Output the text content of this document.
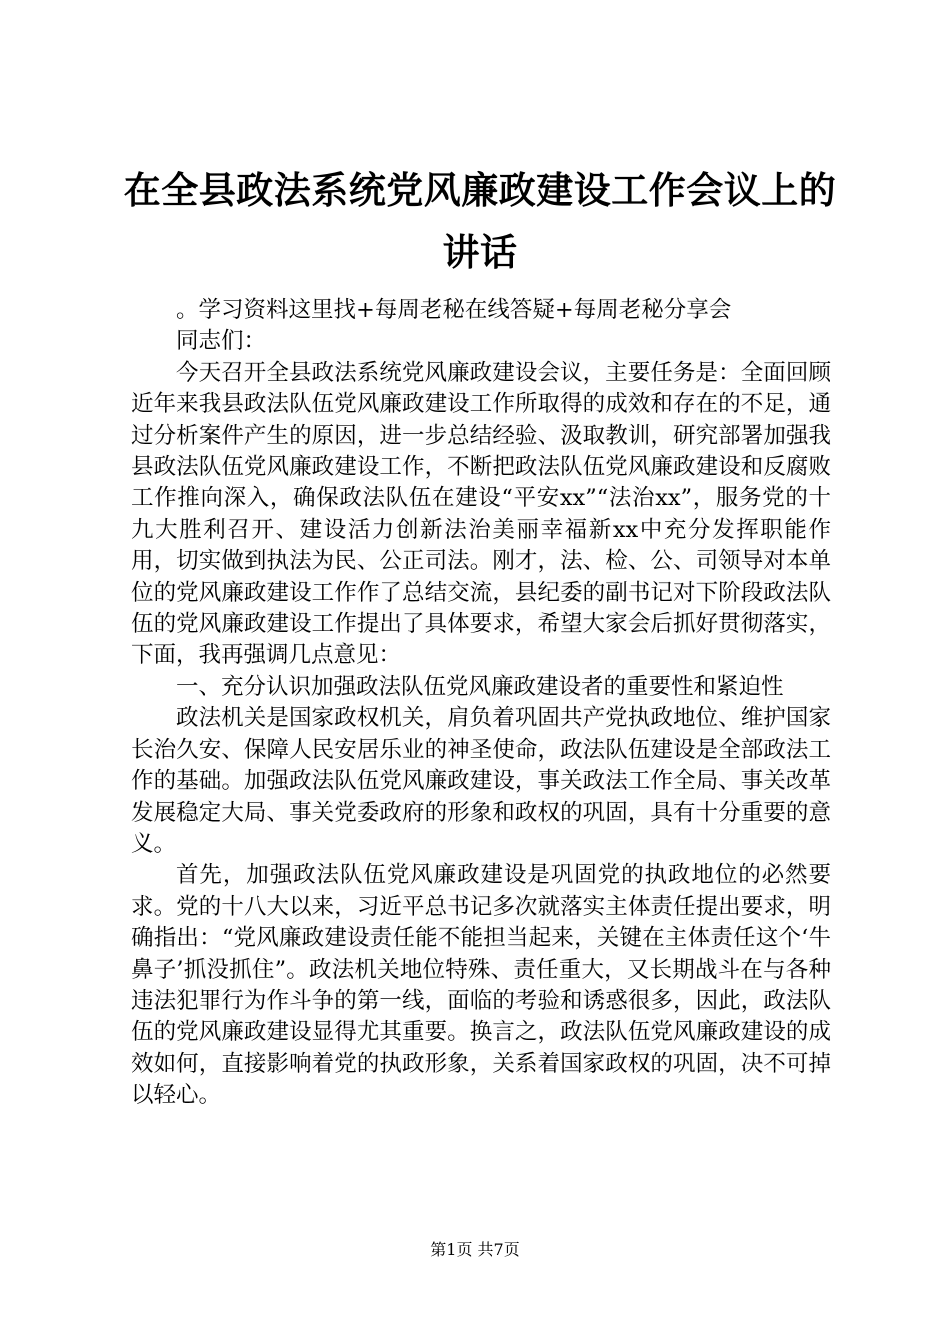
在全县政法系统党风廉政建设工作会议上的讲话

。学习资料这里找+每周老秘在线答疑+每周老秘分享会

同志们：

今天召开全县政法系统党风廉政建设会议，主要任务是：全面回顾近年来我县政法队伍党风廉政建设工作所取得的成效和存在的不足，通过分析案件产生的原因，进一步总结经验、汲取教训，研究部署加强我县政法队伍党风廉政建设工作，不断把政法队伍党风廉政建设和反腐败工作推向深入，确保政法队伍在建设“平安xx”“法治xx”，服务党的十九大胜利召开、建设活力创新法治美丽幸福新xx中充分发挥职能作用，切实做到执法为民、公正司法。刚才，法、检、公、司领导对本单位的党风廉政建设工作作了总结交流，县纪委的副书记对下阶段政法队伍的党风廉政建设工作提出了具体要求，希望大家会后抓好贯彻落实，下面，我再强调几点意见：

一、充分认识加强政法队伍党风廉政建设者的重要性和紧迫性

政法机关是国家政权机关，肩负着巩固共产党执政地位、维护国家长治久安、保障人民安居乐业的神圣使命，政法队伍建设是全部政法工作的基础。加强政法队伍党风廉政建设，事关政法工作全局、事关改革发展稳定大局、事关党委政府的形象和政权的巩固，具有十分重要的意义。

首先，加强政法队伍党风廉政建设是巩固党的执政地位的必然要求。党的十八大以来，习近平总书记多次就落实主体责任提出要求，明确指出：“党风廉政建设责任能不能担当起来，关键在主体责任这个‘牛鼻子’抓没抓住”。政法机关地位特殊、责任重大，又长期战斗在与各种违法犯罪行为作斗争的第一线，面临的考验和诱惑很多，因此，政法队伍的党风廉政建设显得尤其重要。换言之，政法队伍党风廉政建设的成效如何，直接影响着党的执政形象，关系着国家政权的巩固，决不可掉以轻心。

第1页 共7页
